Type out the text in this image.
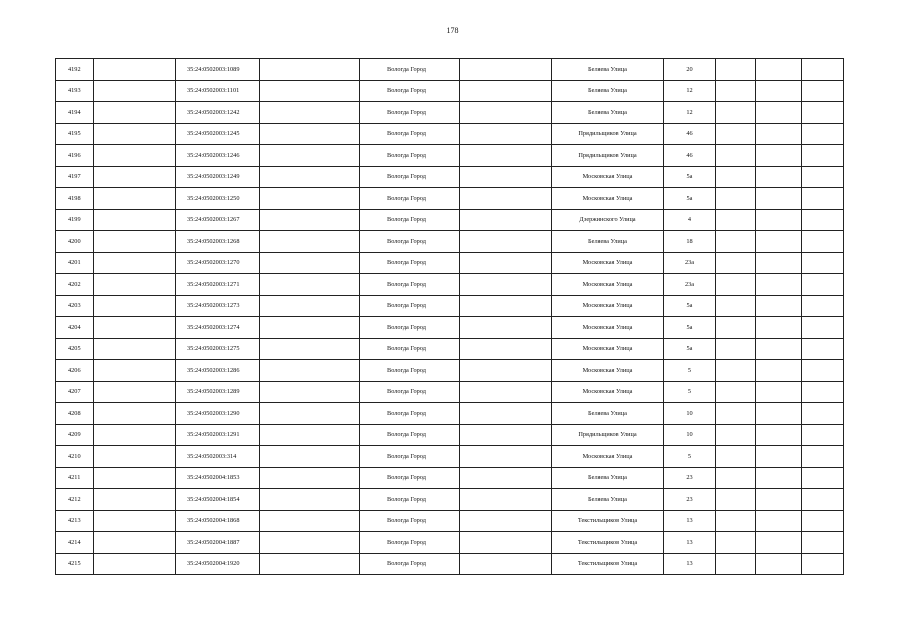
178
4192		35:24:0502003:1089		Вологда Город		Беляева Улица	20			
4193		35:24:0502003:1101		Вологда Город		Беляева Улица	12			
4194		35:24:0502003:1242		Вологда Город		Беляева Улица	12			
4195		35:24:0502003:1245		Вологда Город		Прядильщиков Улица	46			
4196		35:24:0502003:1246		Вологда Город		Прядильщиков Улица	46			
4197		35:24:0502003:1249		Вологда Город		Московская Улица	5а			
4198		35:24:0502003:1250		Вологда Город		Московская Улица	5а			
4199		35:24:0502003:1267		Вологда Город		Дзержинского Улица	4			
4200		35:24:0502003:1268		Вологда Город		Беляева Улица	18			
4201		35:24:0502003:1270		Вологда Город		Московская Улица	23а			
4202		35:24:0502003:1271		Вологда Город		Московская Улица	23а			
4203		35:24:0502003:1273		Вологда Город		Московская Улица	5а			
4204		35:24:0502003:1274		Вологда Город		Московская Улица	5а			
4205		35:24:0502003:1275		Вологда Город		Московская Улица	5а			
4206		35:24:0502003:1286		Вологда Город		Московская Улица	5			
4207		35:24:0502003:1289		Вологда Город		Московская Улица	5			
4208		35:24:0502003:1290		Вологда Город		Беляева Улица	10			
4209		35:24:0502003:1291		Вологда Город		Прядильщиков Улица	10			
4210		35:24:0502003:314		Вологда Город		Московская Улица	5			
4211		35:24:0502004:1853		Вологда Город		Беляева Улица	23			
4212		35:24:0502004:1854		Вологда Город		Беляева Улица	23			
4213		35:24:0502004:1868		Вологда Город		Текстильщиков Улица	13			
4214		35:24:0502004:1887		Вологда Город		Текстильщиков Улица	13			
4215		35:24:0502004:1920		Вологда Город		Текстильщиков Улица	13			
